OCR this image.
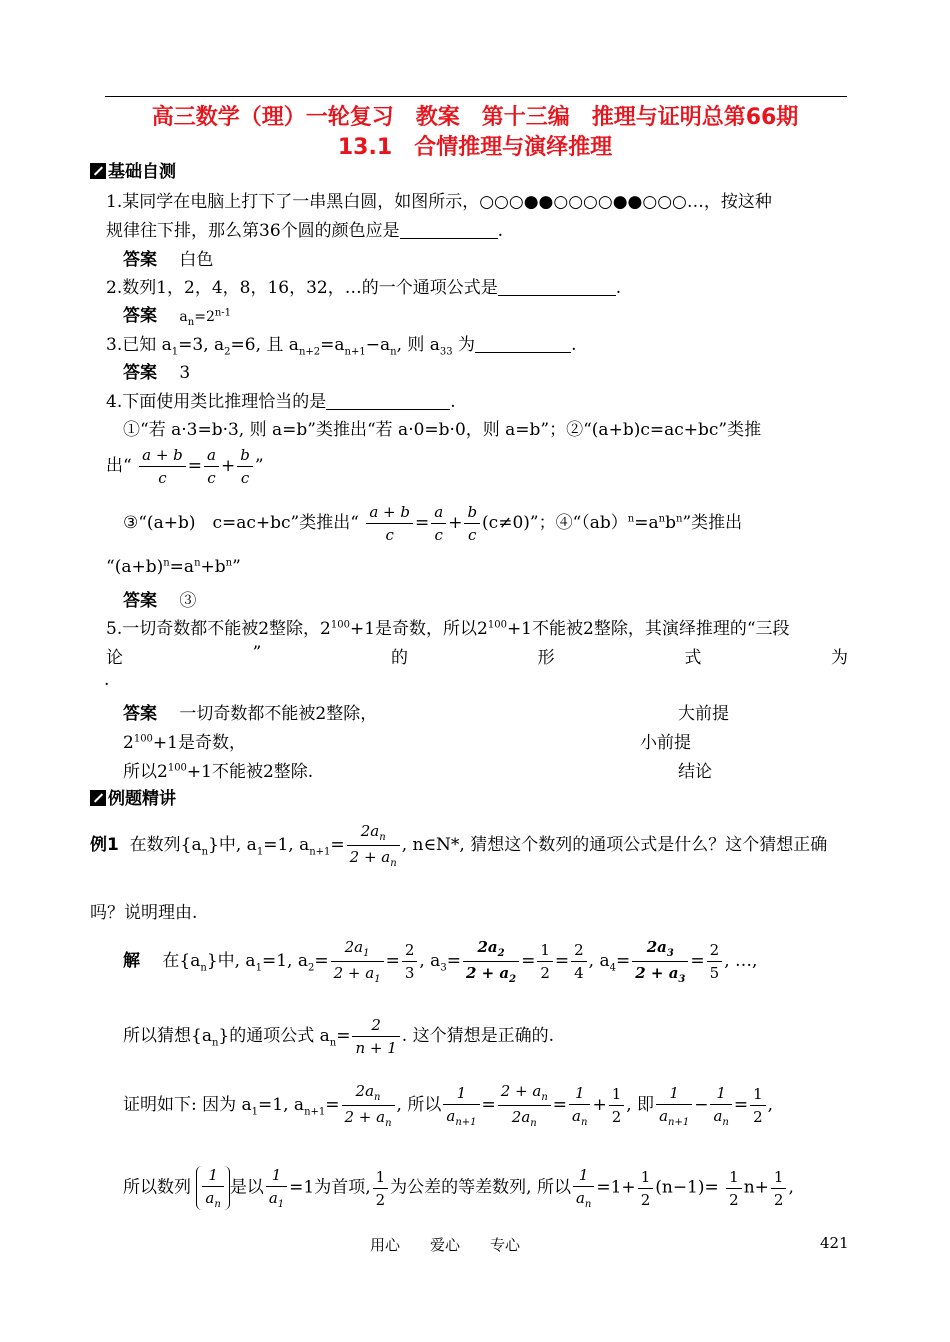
高三数学（理）一轮复习　教案　第十三编　推理与证明总第66期
13.1　合情推理与演绎推理
基础自测
1.某同学在电脑上打下了一串黑白圆，如图所示，○○○●●○○○○●●○○○…，按这种
规律往下排，那么第36个圆的颜色应是	.
答案　 白色
2.数列1，2，4，8，16，32，…的一个通项公式是	.
答案　 $a_n=2^{n-1}$
3.已知 $a_1=3$, $a_2=6$, 且 $a_{n+2}=a_{n+1}-a_n$, 则 $a_{33}$ 为	.
答案　 3
4.下面使用类比推理恰当的是	.
①“若 a·3=b·3, 则 a=b”类推出“若 a·0=b·0，则 a=b”；②“(a+b)c=ac+bc”类推
出“ $\frac{a + b}{c} = \frac{a}{c} + \frac{b}{c}$ ”
③“(a+b)　c=ac+bc”类推出“ $\frac{a + b}{c} = \frac{a}{c} + \frac{b}{c} (c\ne 0)$”；$④“(ab)^n=a^nb^n$”类推出
“$(a+b)^n=a^n+b^n$”
答案　 ③
5.一切奇数都不能被2整除，$2^{100}+1$是奇数，所以$2^{100}+1$不能被2整除，其演绎推理的“三段
论	”	的	形	式	为
.
答案　 一切奇数都不能被2整除，	大前提
$2^{100}+1$是奇数，	小前提
所以$2^{100}+1$不能被2整除.	结论
例题精讲
例1 在数列$\{a_n\}$中, $a_1=1$, $a_{n+1}= \frac{2a_n}{2 + a_n}$ , n∈N*, 猜想这个数列的通项公式是什么？这个猜想正确
吗？说明理由.
解　 在$\{a_n\}$中, $a_1=1$, $a_2= \frac{2a_1}{2 + a_1} = \frac{2}{3}$ , $a_3= \frac{2a_2}{2 + a_2} = \frac{1}{2} = \frac{2}{4}$ , $a_4= \frac{2a_3}{2 + a_3} = \frac{2}{5}$ , …,
所以猜想$\{a_n\}$的通项公式 $a_n= \frac{2}{n + 1}$ . 这个猜想是正确的.
证明如下: 因为 $a_1=1$, $a_{n+1}= \frac{2a_n}{2 + a_n}$ , 所以 $\frac{1}{a_{n+1}} = \frac{2 + a_n}{2a_n} = \frac{1}{a_n} + \frac{1}{2}$ , 即 $\frac{1}{a_{n+1}} - \frac{1}{a_n} = \frac{1}{2}$ ,
所以数列 $\frac{1}{a_n}$ 是以 $\frac{1}{a_1} =1$为首项, $\frac{1}{2}$ 为公差的等差数列, 所以 $\frac{1}{a_n} =1+ \frac{1}{2} (n-1)= \frac{1}{2} n+ \frac{1}{2}$ ,
用心　　爱心　　专心	421
